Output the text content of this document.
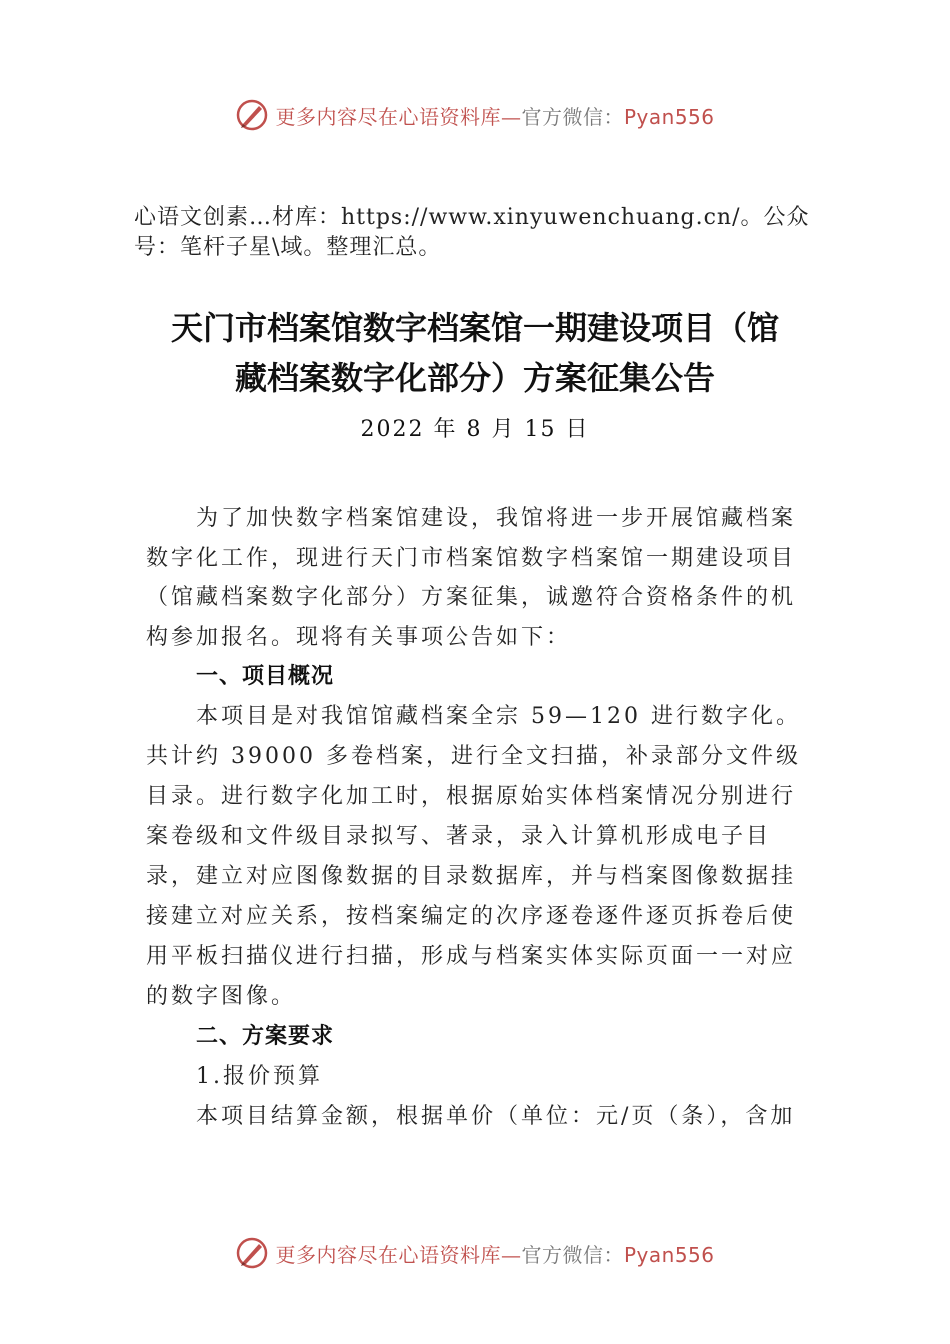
更多内容尽在心语资料库—官方微信：Pyan556
心语文创素…材库：https://www.xinyuwenchuang.cn/。公众号：笔杆子星\域。整理汇总。
天门市档案馆数字档案馆一期建设项目（馆
藏档案数字化部分）方案征集公告
2022 年 8 月 15 日

为了加快数字档案馆建设，我馆将进一步开展馆藏档案数字化工作，现进行天门市档案馆数字档案馆一期建设项目（馆藏档案数字化部分）方案征集，诚邀符合资格条件的机构参加报名。现将有关事项公告如下：

一、项目概况

本项目是对我馆馆藏档案全宗 59—120 进行数字化。共计约 39000 多卷档案，进行全文扫描，补录部分文件级目录。进行数字化加工时，根据原始实体档案情况分别进行案卷级和文件级目录拟写、著录，录入计算机形成电子目录，建立对应图像数据的目录数据库，并与档案图像数据挂接建立对应关系，按档案编定的次序逐卷逐件逐页拆卷后使用平板扫描仪进行扫描，形成与档案实体实际页面一一对应的数字图像。

二、方案要求

1.报价预算

本项目结算金额，根据单价（单位：元/页（条），含加

更多内容尽在心语资料库—官方微信：Pyan556
